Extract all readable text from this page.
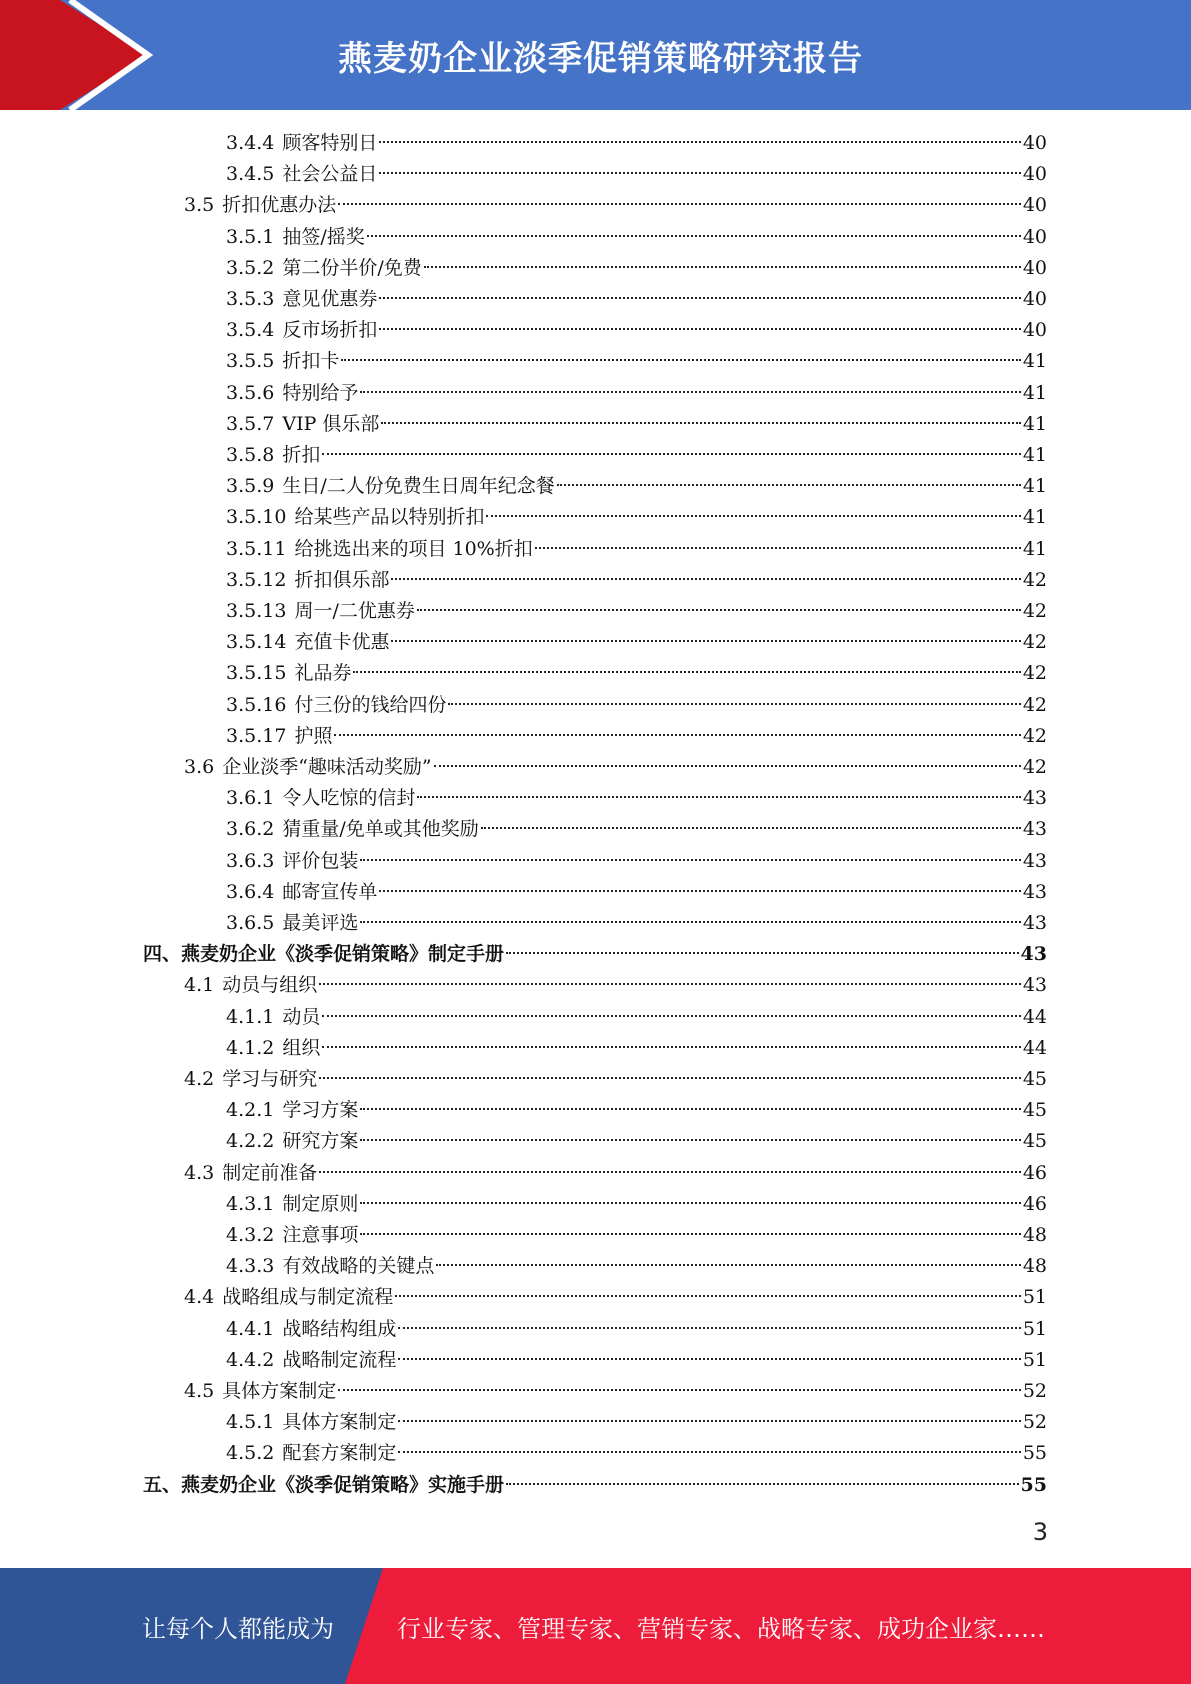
燕麦奶企业淡季促销策略研究报告
3.4.4 顾客特别日	40
3.4.5 社会公益日	40
3.5 折扣优惠办法	40
3.5.1 抽签/摇奖	40
3.5.2 第二份半价/免费	40
3.5.3 意见优惠券	40
3.5.4 反市场折扣	40
3.5.5 折扣卡	41
3.5.6 特别给予	41
3.5.7 VIP 俱乐部	41
3.5.8 折扣	41
3.5.9 生日/二人份免费生日周年纪念餐	41
3.5.10 给某些产品以特别折扣	41
3.5.11 给挑选出来的项目 10%折扣	41
3.5.12 折扣俱乐部	42
3.5.13 周一/二优惠券	42
3.5.14 充值卡优惠	42
3.5.15 礼品券	42
3.5.16 付三份的钱给四份	42
3.5.17 护照	42
3.6 企业淡季“趣味活动奖励”	42
3.6.1 令人吃惊的信封	43
3.6.2 猜重量/免单或其他奖励	43
3.6.3 评价包装	43
3.6.4 邮寄宣传单	43
3.6.5 最美评选	43
四、燕麦奶企业《淡季促销策略》制定手册	43
4.1 动员与组织	43
4.1.1 动员	44
4.1.2 组织	44
4.2 学习与研究	45
4.2.1 学习方案	45
4.2.2 研究方案	45
4.3 制定前准备	46
4.3.1 制定原则	46
4.3.2 注意事项	48
4.3.3 有效战略的关键点	48
4.4 战略组成与制定流程	51
4.4.1 战略结构组成	51
4.4.2 战略制定流程	51
4.5 具体方案制定	52
4.5.1 具体方案制定	52
4.5.2 配套方案制定	55
五、燕麦奶企业《淡季促销策略》实施手册	55
3
让每个人都能成为	行业专家、管理专家、营销专家、战略专家、成功企业家……
